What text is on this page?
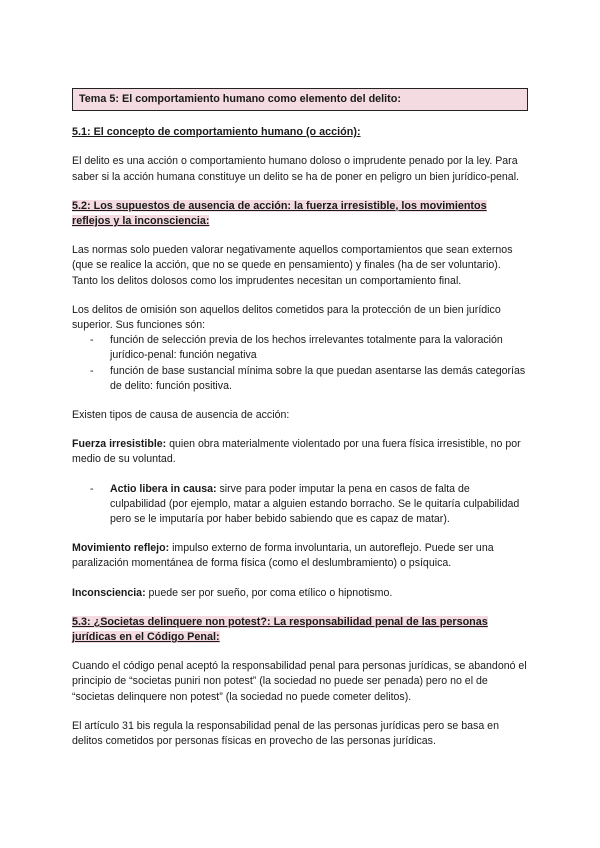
Tema 5: El comportamiento humano como elemento del delito:
5.1: El concepto de comportamiento humano (o acción):

El delito es una acción o comportamiento humano doloso o imprudente penado por la ley. Para saber si la acción humana constituye un delito se ha de poner en peligro un bien jurídico-penal.

5.2: Los supuestos de ausencia de acción: la fuerza irresistible, los movimientos reflejos y la inconsciencia:

Las normas solo pueden valorar negativamente aquellos comportamientos que sean externos (que se realice la acción, que no se quede en pensamiento) y finales (ha de ser voluntario).

Tanto los delitos dolosos como los imprudentes necesitan un comportamiento final.

Los delitos de omisión son aquellos delitos cometidos para la protección de un bien jurídico superior. Sus funciones són:

- función de selección previa de los hechos irrelevantes totalmente para la valoración jurídico-penal: función negativa
- función de base sustancial mínima sobre la que puedan asentarse las demás categorías de delito: función positiva.

Existen tipos de causa de ausencia de acción:

Fuerza irresistible: quien obra materialmente violentado por una fuera física irresistible, no por medio de su voluntad.

- Actio libera in causa: sirve para poder imputar la pena en casos de falta de culpabilidad (por ejemplo, matar a alguien estando borracho. Se le quitaría culpabilidad pero se le imputaría por haber bebido sabiendo que es capaz de matar).

Movimiento reflejo: impulso externo de forma involuntaria, un autoreflejo. Puede ser una paralización momentánea de forma física (como el deslumbramiento) o psíquica.

Inconsciencia: puede ser por sueño, por coma etílico o hipnotismo.

5.3: ¿Societas delinquere non potest?: La responsabilidad penal de las personas jurídicas en el Código Penal:

Cuando el código penal aceptó la responsabilidad penal para personas jurídicas, se abandonó el principio de “societas puniri non potest” (la sociedad no puede ser penada) pero no el de “societas delinquere non potest” (la sociedad no puede cometer delitos).

El artículo 31 bis regula la responsabilidad penal de las personas jurídicas pero se basa en delitos cometidos por personas físicas en provecho de las personas jurídicas.
